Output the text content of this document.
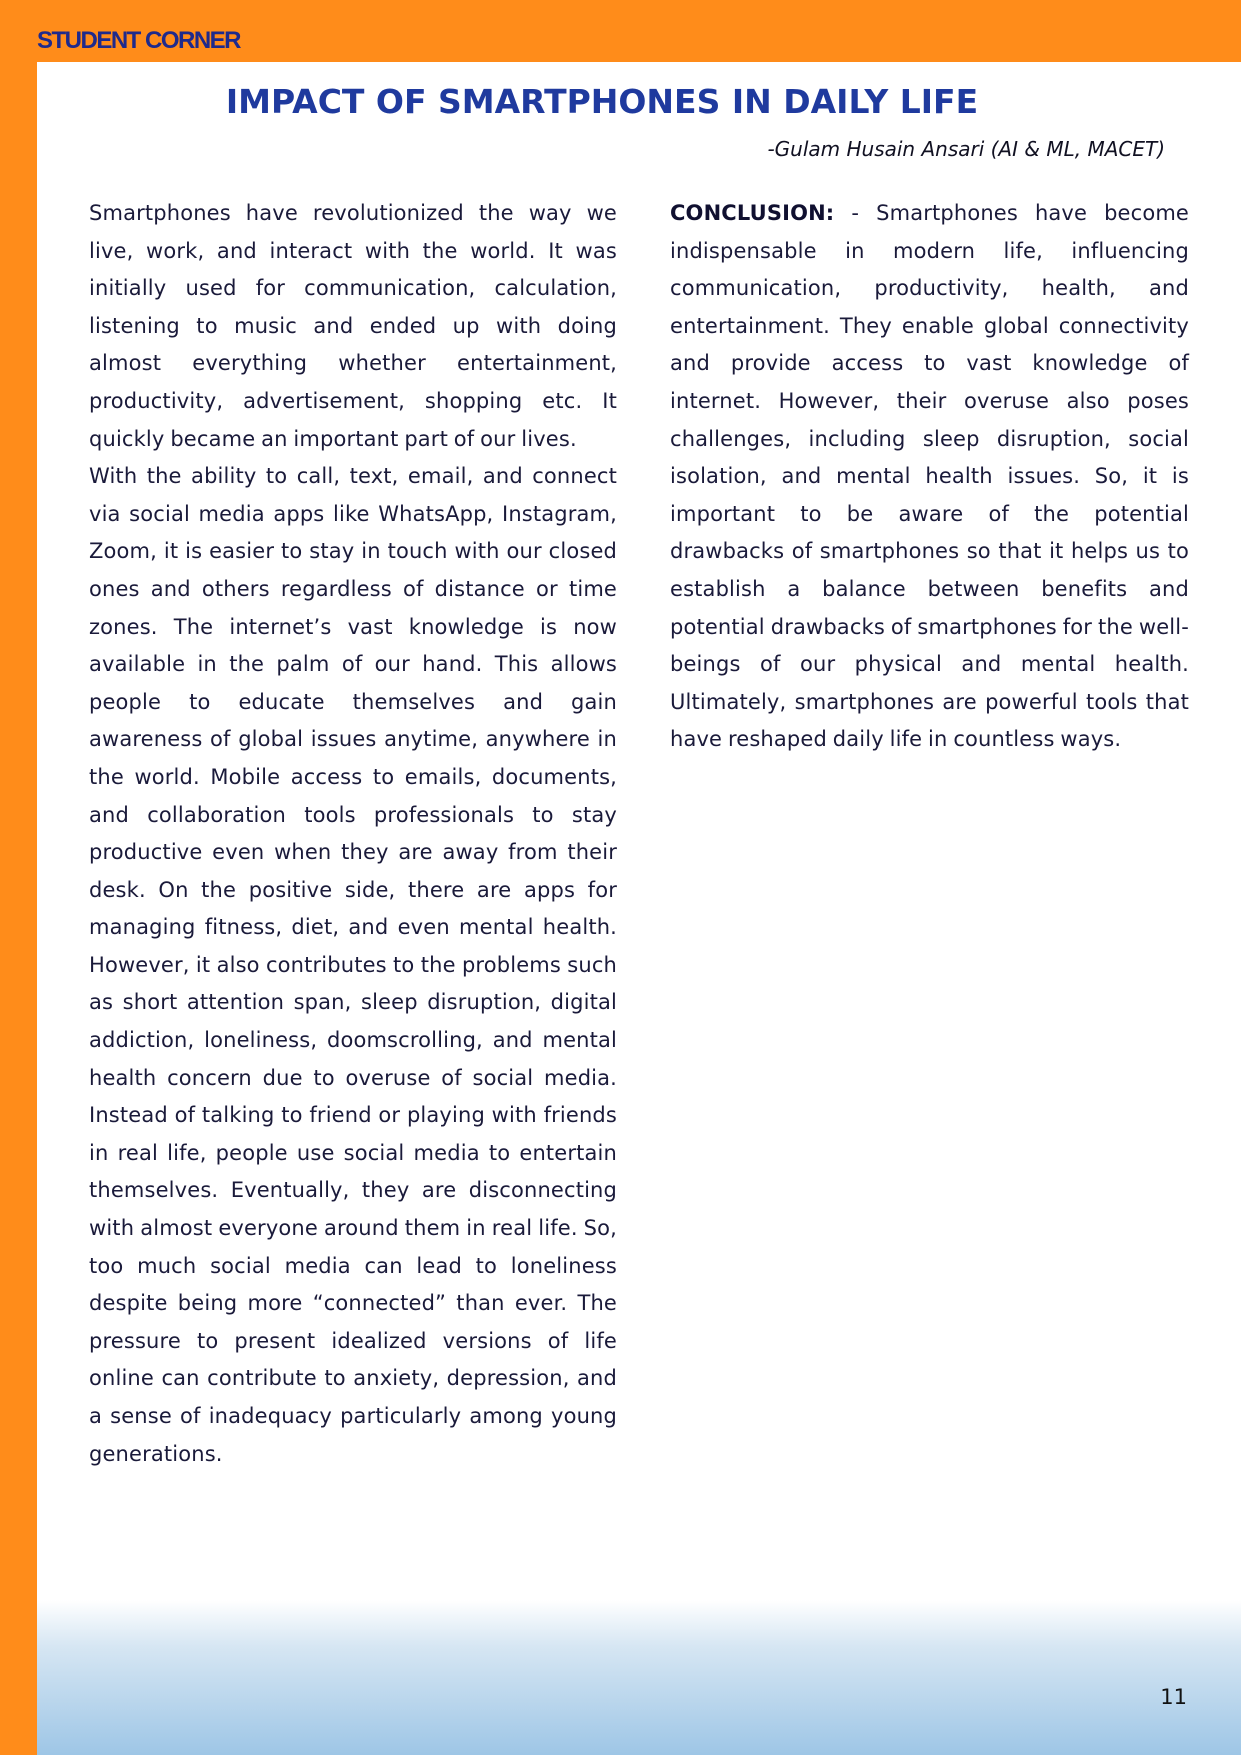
STUDENT CORNER
IMPACT OF SMARTPHONES IN DAILY LIFE

-Gulam Husain Ansari (AI & ML, MACET)

Smartphones have revolutionized the way we live, work, and interact with the world. It was initially used for communication, calculation, listening to music and ended up with doing almost everything whether entertainment, productivity, advertisement, shopping etc. It quickly became an important part of our lives.

With the ability to call, text, email, and connect via social media apps like WhatsApp, Instagram, Zoom, it is easier to stay in touch with our closed ones and others regardless of distance or time zones. The internet’s vast knowledge is now available in the palm of our hand. This allows people to educate themselves and gain awareness of global issues anytime, anywhere in the world. Mobile access to emails, documents, and collaboration tools professionals to stay productive even when they are away from their desk. On the positive side, there are apps for managing fitness, diet, and even mental health. However, it also contributes to the problems such as short attention span, sleep disruption, digital addiction, loneliness, doomscrolling, and mental health concern due to overuse of social media. Instead of talking to friend or playing with friends in real life, people use social media to entertain themselves. Eventually, they are disconnecting with almost everyone around them in real life. So, too much social media can lead to loneliness despite being more “connected” than ever. The pressure to present idealized versions of life online can contribute to anxiety, depression, and a sense of inadequacy particularly among young generations.

CONCLUSION: - Smartphones have become indispensable in modern life, influencing communication, productivity, health, and entertainment. They enable global connectivity and provide access to vast knowledge of internet. However, their overuse also poses challenges, including sleep disruption, social isolation, and mental health issues. So, it is important to be aware of the potential drawbacks of smartphones so that it helps us to establish a balance between benefits and potential drawbacks of smartphones for the well-beings of our physical and mental health. Ultimately, smartphones are powerful tools that have reshaped daily life in countless ways.

11
